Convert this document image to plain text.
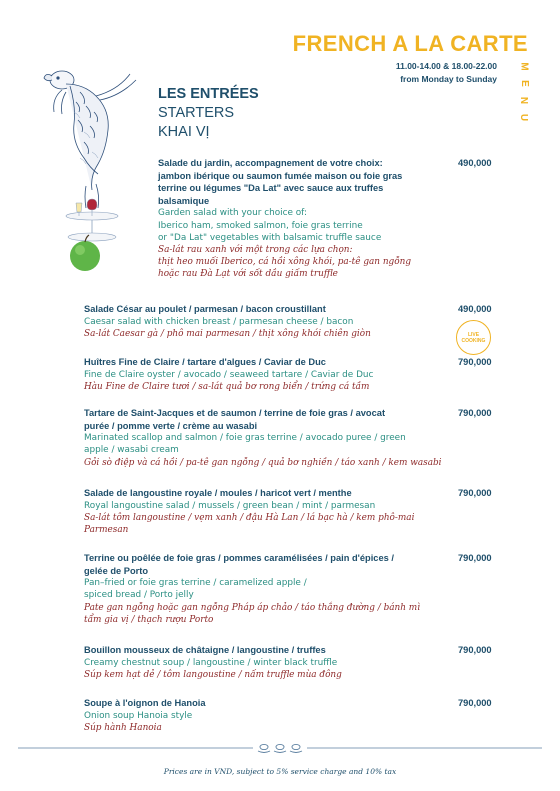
FRENCH A LA CARTE
11.00-14.00 & 18.00-22.00
from Monday to Sunday
M
E
N
U
LES ENTRÉES
STARTERS
KHAI VỊ
Salade du jardin, accompagnement de votre choix:
jambon ibérique ou saumon fumée maison ou foie gras
terrine ou légumes "Da Lat" avec sauce aux truffes
balsamique
Garden salad with your choice of:
Iberico ham, smoked salmon, foie gras terrine
or "Da Lat" vegetables with balsamic truffle sauce
Sa-lát rau xanh với một trong các lựa chọn:
thịt heo muối Iberico, cá hồi xông khói, pa-tê gan ngỗng
hoặc rau Đà Lạt với sốt dầu giấm truffle
490,000
Salade César au poulet / parmesan / bacon croustillant
Caesar salad with chicken breast / parmesan cheese / bacon
Sa-lát Caesar gà / phô mai parmesan / thịt xông khói chiên giòn
490,000
LIVE
COOKING
Huîtres Fine de Claire / tartare d'algues / Caviar de Duc
Fine de Claire oyster / avocado / seaweed tartare / Caviar de Duc
Hàu Fine de Claire tươi / sa-lát quả bơ rong biển / trứng cá tầm
790,000
Tartare de Saint-Jacques et de saumon / terrine de foie gras / avocat
purée / pomme verte / crème au wasabi
Marinated scallop and salmon / foie gras terrine / avocado puree / green
apple / wasabi cream
Gỏi sò điệp và cá hồi / pa-tê gan ngỗng / quả bơ nghiền / táo xanh / kem wasabi
790,000
Salade de langoustine royale / moules / haricot vert / menthe
Royal langoustine salad / mussels / green bean / mint / parmesan
Sa-lát tôm langoustine / vẹm xanh / đậu Hà Lan / lá bạc hà / kem phô-mai
Parmesan
790,000
Terrine ou poêlée de foie gras / pommes caramélisées / pain d'épices /
gelée de Porto
Pan–fried or foie gras terrine / caramelized apple /
spiced bread / Porto jelly
Pate gan ngỗng hoặc gan ngỗng Pháp áp chảo / táo thắng đường / bánh mì
tẩm gia vị / thạch rượu Porto
790,000
Bouillon mousseux de châtaigne / langoustine / truffes
Creamy chestnut soup / langoustine / winter black truffle
Súp kem hạt dẻ / tôm langoustine / nấm truffle mùa đông
790,000
Soupe à l'oignon de Hanoia
Onion soup Hanoia style
Súp hành Hanoia
790,000
Prices are in VND, subject to 5% service charge and 10% tax
